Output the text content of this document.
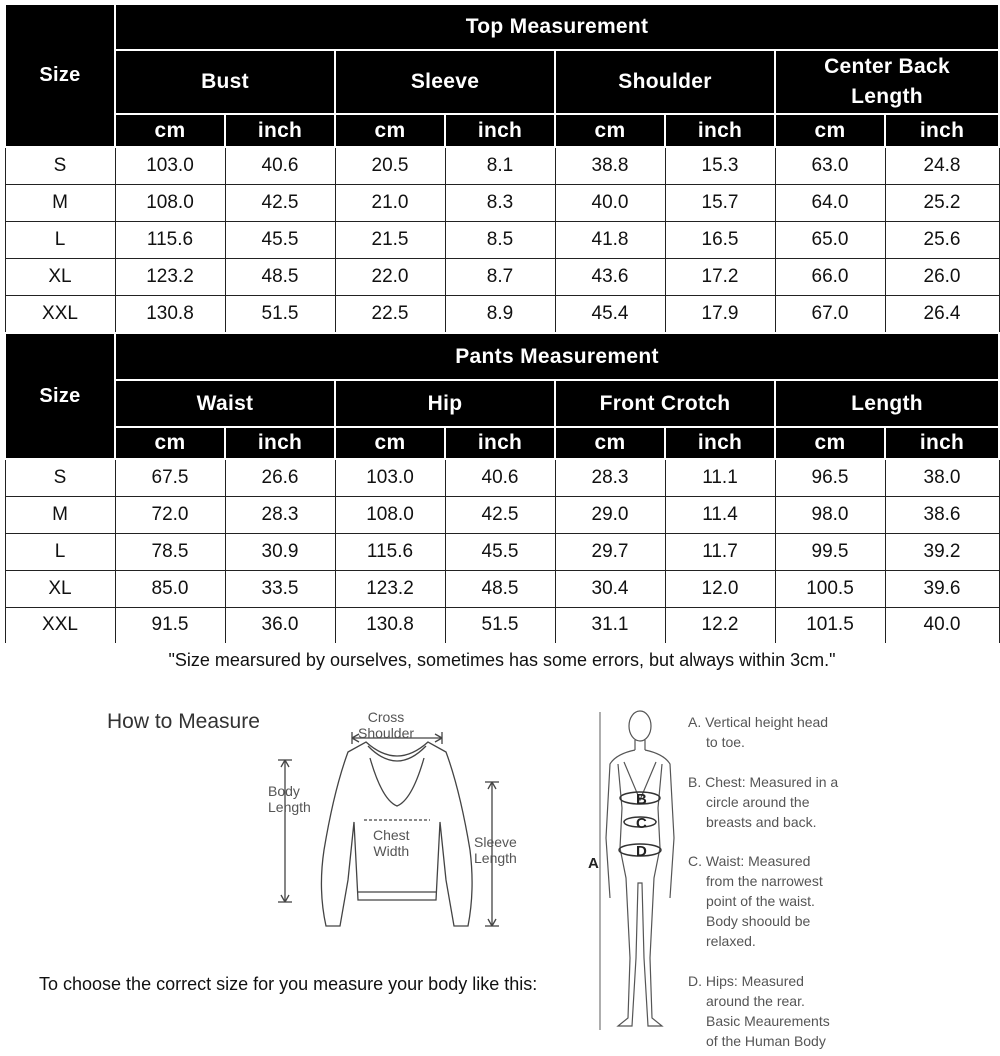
Size	Top Measurement							
	Bust		Sleeve		Shoulder		Center Back Length	
	cm	inch	cm	inch	cm	inch	cm	inch
S	103.0	40.6	20.5	8.1	38.8	15.3	63.0	24.8
M	108.0	42.5	21.0	8.3	40.0	15.7	64.0	25.2
L	115.6	45.5	21.5	8.5	41.8	16.5	65.0	25.6
XL	123.2	48.5	22.0	8.7	43.6	17.2	66.0	26.0
XXL	130.8	51.5	22.5	8.9	45.4	17.9	67.0	26.4
Size	Pants Measurement							
	Waist		Hip		Front Crotch		Length	
	cm	inch	cm	inch	cm	inch	cm	inch
S	67.5	26.6	103.0	40.6	28.3	11.1	96.5	38.0
M	72.0	28.3	108.0	42.5	29.0	11.4	98.0	38.6
L	78.5	30.9	115.6	45.5	29.7	11.7	99.5	39.2
XL	85.0	33.5	123.2	48.5	30.4	12.0	100.5	39.6
XXL	91.5	36.0	130.8	51.5	31.1	12.2	101.5	40.0
"Size mearsured by ourselves, sometimes has some errors, but always within 3cm."								
How to Measure
To choose the correct size for you measure your body like this:
Cross
Shoulder
Body
Length
Chest
Width
Sleeve
Length
B
C
D
A
A. Vertical height head
to toe.
B. Chest: Measured in a
circle around the
breasts and back.
C. Waist: Measured
from the narrowest
point of the waist.
Body shoould be
relaxed.
D. Hips: Measured
around the rear.
Basic Meaurements
of the Human Body
